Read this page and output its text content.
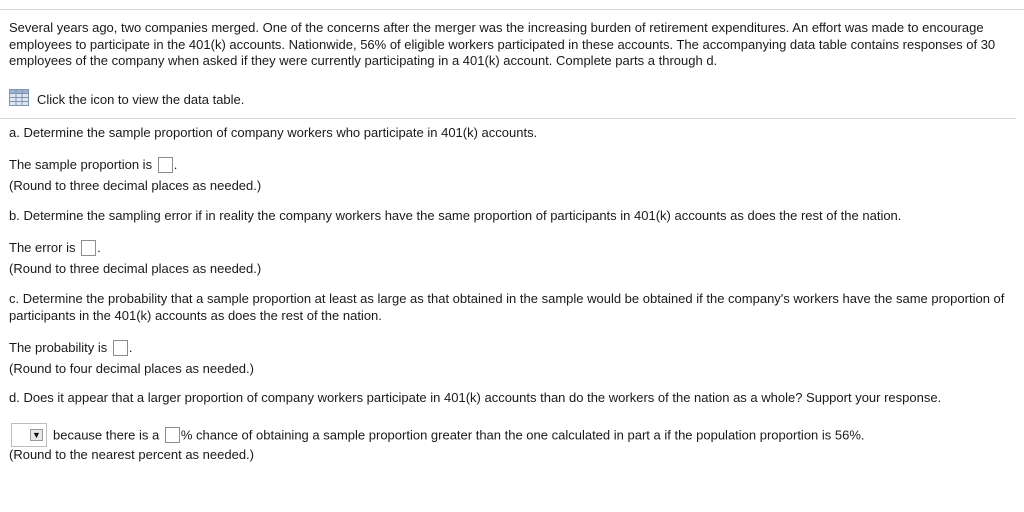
Several years ago, two companies merged. One of the concerns after the merger was the increasing burden of retirement expenditures. An effort was made to encourage employees to participate in the 401(k) accounts. Nationwide, 56% of eligible workers participated in these accounts. The accompanying data table contains responses of 30 employees of the company when asked if they were currently participating in a 401(k) account. Complete parts a through d.
Click the icon to view the data table.
a. Determine the sample proportion of company workers who participate in 401(k) accounts.
The sample proportion is .
(Round to three decimal places as needed.)
b. Determine the sampling error if in reality the company workers have the same proportion of participants in 401(k) accounts as does the rest of the nation.
The error is .
(Round to three decimal places as needed.)
c. Determine the probability that a sample proportion at least as large as that obtained in the sample would be obtained if the company's workers have the same proportion of participants in the 401(k) accounts as does the rest of the nation.
The probability is .
(Round to four decimal places as needed.)
d. Does it appear that a larger proportion of company workers participate in 401(k) accounts than do the workers of the nation as a whole? Support your response.
▼ because there is a % chance of obtaining a sample proportion greater than the one calculated in part a if the population proportion is 56%.
(Round to the nearest percent as needed.)
